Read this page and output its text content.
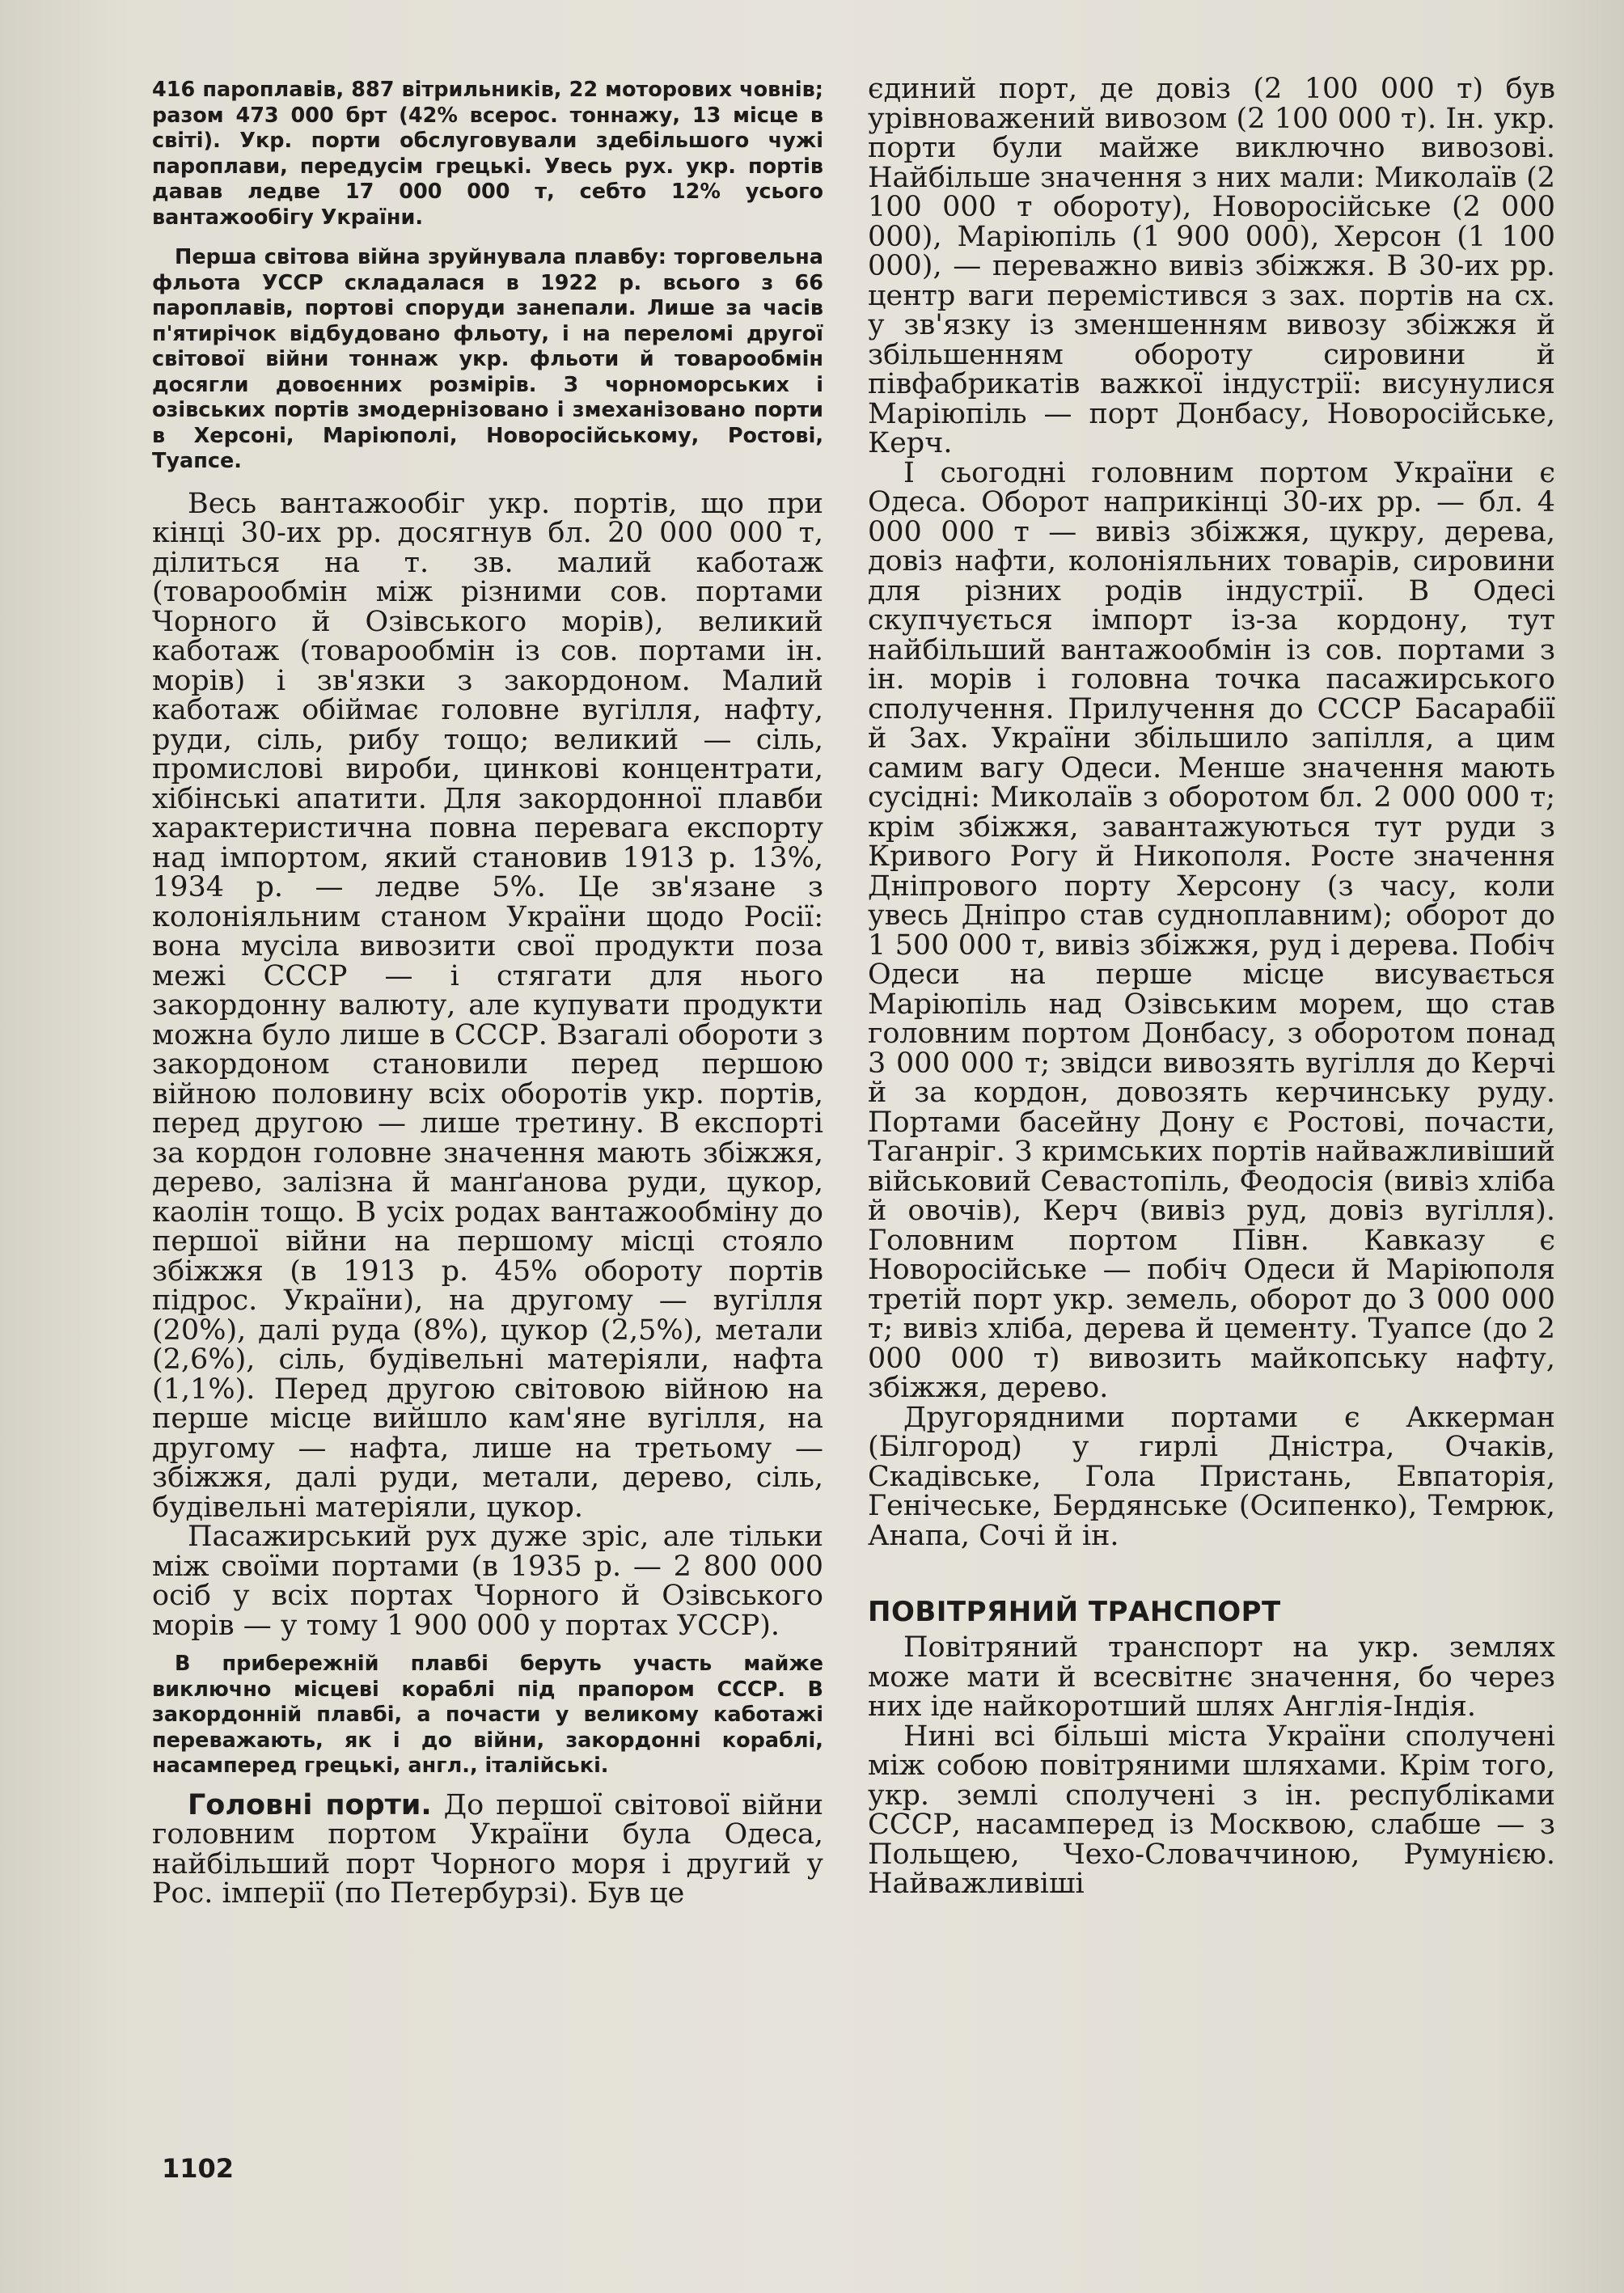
416 пароплавів, 887 вітрильників, 22 моторових човнів; разом 473 000 брт (42% всерос. тоннажу, 13 місце в світі). Укр. порти обслуговували здебільшого чужі пароплави, передусім грецькі. Увесь рух. укр. портів давав ледве 17 000 000 т, себто 12% усього вантажообігу України.

Перша світова війна зруйнувала плавбу: торговельна фльота УССР складалася в 1922 р. всього з 66 пароплавів, портові споруди занепали. Лише за часів п'ятирічок відбудовано фльоту, і на переломі другої світової війни тоннаж укр. фльоти й товарообмін досягли довоєнних розмірів. З чорноморських і озівських портів змодернізовано і змеханізовано порти в Херсоні, Маріюполі, Новоросійському, Ростові, Туапсе.

Весь вантажообіг укр. портів, що при кінці 30-их рр. досягнув бл. 20 000 000 т, ділиться на т. зв. малий каботаж (товарообмін між різними сов. портами Чорного й Озівського морів), великий каботаж (товарообмін із сов. портами ін. морів) і зв'язки з закордоном. Малий каботаж обіймає головне вугілля, нафту, руди, сіль, рибу тощо; великий — сіль, промислові вироби, цинкові концентрати, хібінські апатити. Для закордонної плавби характеристична повна перевага експорту над імпортом, який становив 1913 р. 13%, 1934 р. — ледве 5%. Це зв'язане з колоніяльним станом України щодо Росії: вона мусіла вивозити свої продукти поза межі СССР — і стягати для нього закордонну валюту, але купувати продукти можна було лише в СССР. Взагалі обороти з закордоном становили перед першою війною половину всіх оборотів укр. портів, перед другою — лише третину. В експорті за кордон головне значення мають збіжжя, дерево, залізна й манґанова руди, цукор, каолін тощо. В усіх родах вантажообміну до першої війни на першому місці стояло збіжжя (в 1913 р. 45% обороту портів підрос. України), на другому — вугілля (20%), далі руда (8%), цукор (2,5%), метали (2,6%), сіль, будівельні матеріяли, нафта (1,1%). Перед другою світовою війною на перше місце вийшло кам'яне вугілля, на другому — нафта, лише на третьому — збіжжя, далі руди, метали, дерево, сіль, будівельні матеріяли, цукор.

Пасажирський рух дуже зріс, але тільки між своїми портами (в 1935 р. — 2 800 000 осіб у всіх портах Чорного й Озівського морів — у тому 1 900 000 у портах УССР).

В прибережній плавбі беруть участь майже виключно місцеві кораблі під прапором СССР. В закордонній плавбі, а почасти у великому каботажі переважають, як і до війни, закордонні кораблі, насамперед грецькі, англ., італійські.

Головні порти. До першої світової війни головним портом України була Одеса, найбільший порт Чорного моря і другий у Рос. імперії (по Петербурзі). Був це

єдиний порт, де довіз (2 100 000 т) був урівноважений вивозом (2 100 000 т). Ін. укр. порти були майже виключно вивозові. Найбільше значення з них мали: Миколаїв (2 100 000 т обороту), Новоросійське (2 000 000), Маріюпіль (1 900 000), Херсон (1 100 000), — переважно вивіз збіжжя. В 30-их рр. центр ваги перемістився з зах. портів на сх. у зв'язку із зменшенням вивозу збіжжя й збільшенням обороту сировини й півфабрикатів важкої індустрії: висунулися Маріюпіль — порт Донбасу, Новоросійське, Керч.

І сьогодні головним портом України є Одеса. Оборот наприкінці 30-их рр. — бл. 4 000 000 т — вивіз збіжжя, цукру, дерева, довіз нафти, колоніяльних товарів, сировини для різних родів індустрії. В Одесі скупчується імпорт із-за кордону, тут найбільший вантажообмін із сов. портами з ін. морів і головна точка пасажирського сполучення. Прилучення до СССР Басарабії й Зах. України збільшило запілля, а цим самим вагу Одеси. Менше значення мають сусідні: Миколаїв з оборотом бл. 2 000 000 т; крім збіжжя, завантажуються тут руди з Кривого Рогу й Никополя. Росте значення Дніпрового порту Херсону (з часу, коли увесь Дніпро став судноплавним); оборот до 1 500 000 т, вивіз збіжжя, руд і дерева. Побіч Одеси на перше місце висувається Маріюпіль над Озівським морем, що став головним портом Донбасу, з оборотом понад 3 000 000 т; звідси вивозять вугілля до Керчі й за кордон, довозять керчинську руду. Портами басейну Дону є Ростові, почасти, Таганріг. З кримських портів найважливіший військовий Севастопіль, Феодосія (вивіз хліба й овочів), Керч (вивіз руд, довіз вугілля). Головним портом Півн. Кавказу є Новоросійське — побіч Одеси й Маріюполя третій порт укр. земель, оборот до 3 000 000 т; вивіз хліба, дерева й цементу. Туапсе (до 2 000 000 т) вивозить майкопську нафту, збіжжя, дерево.

Другорядними портами є Аккерман (Білгород) у гирлі Дністра, Очаків, Скадівське, Гола Пристань, Евпаторія, Генічеське, Бердянське (Осипенко), Темрюк, Анапа, Сочі й ін.

ПОВІТРЯНИЙ ТРАНСПОРТ

Повітряний транспорт на укр. землях може мати й всесвітнє значення, бо через них іде найкоротший шлях Англія-Індія.

Нині всі більші міста України сполучені між собою повітряними шляхами. Крім того, укр. землі сполучені з ін. республіками СССР, насамперед із Москвою, слабше — з Польщею, Чехо-Словаччиною, Румунією. Найважливіші

1102
